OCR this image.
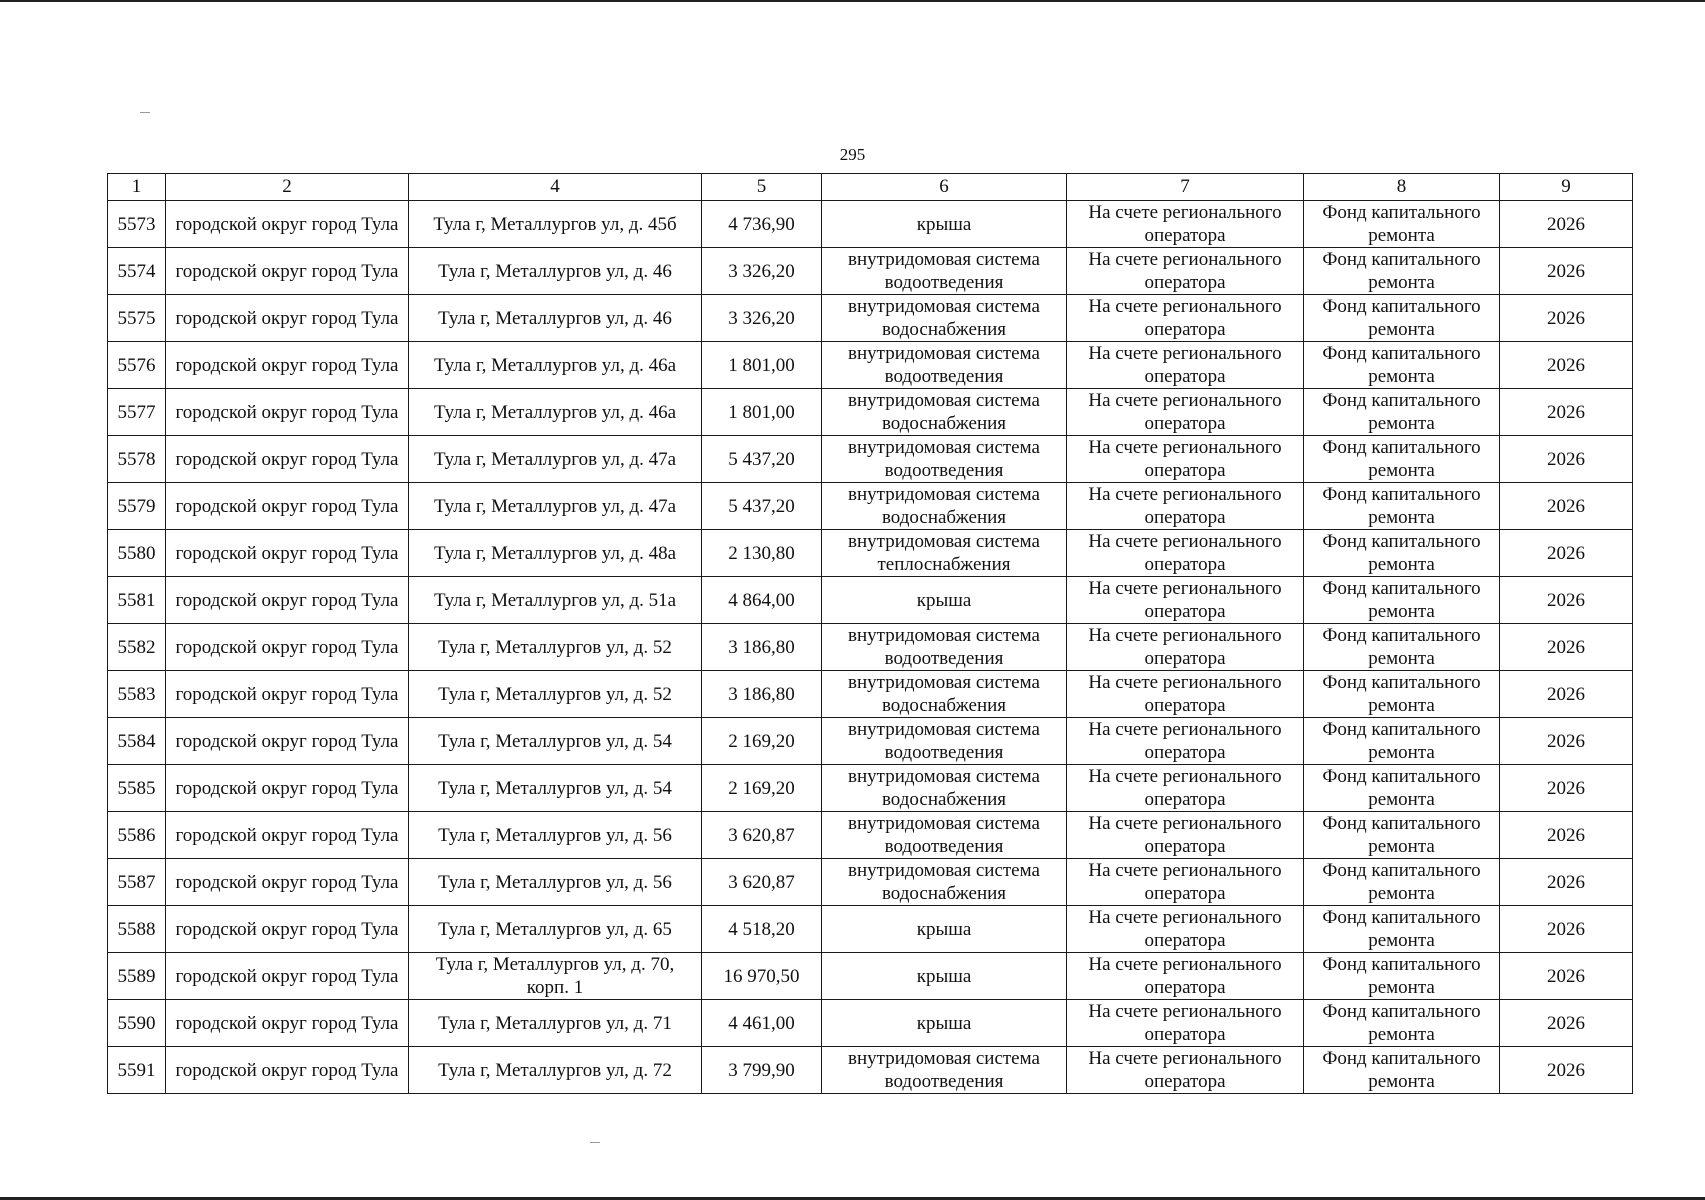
295
1	2	4	5	6	7	8	9
5573	городской округ город Тула	Тула г, Металлургов ул, д. 45б	4 736,90	крыша	На счете регионального оператора	Фонд капитального ремонта	2026
5574	городской округ город Тула	Тула г, Металлургов ул, д. 46	3 326,20	внутридомовая система водоотведения	На счете регионального оператора	Фонд капитального ремонта	2026
5575	городской округ город Тула	Тула г, Металлургов ул, д. 46	3 326,20	внутридомовая система водоснабжения	На счете регионального оператора	Фонд капитального ремонта	2026
5576	городской округ город Тула	Тула г, Металлургов ул, д. 46а	1 801,00	внутридомовая система водоотведения	На счете регионального оператора	Фонд капитального ремонта	2026
5577	городской округ город Тула	Тула г, Металлургов ул, д. 46а	1 801,00	внутридомовая система водоснабжения	На счете регионального оператора	Фонд капитального ремонта	2026
5578	городской округ город Тула	Тула г, Металлургов ул, д. 47а	5 437,20	внутридомовая система водоотведения	На счете регионального оператора	Фонд капитального ремонта	2026
5579	городской округ город Тула	Тула г, Металлургов ул, д. 47а	5 437,20	внутридомовая система водоснабжения	На счете регионального оператора	Фонд капитального ремонта	2026
5580	городской округ город Тула	Тула г, Металлургов ул, д. 48а	2 130,80	внутридомовая система теплоснабжения	На счете регионального оператора	Фонд капитального ремонта	2026
5581	городской округ город Тула	Тула г, Металлургов ул, д. 51а	4 864,00	крыша	На счете регионального оператора	Фонд капитального ремонта	2026
5582	городской округ город Тула	Тула г, Металлургов ул, д. 52	3 186,80	внутридомовая система водоотведения	На счете регионального оператора	Фонд капитального ремонта	2026
5583	городской округ город Тула	Тула г, Металлургов ул, д. 52	3 186,80	внутридомовая система водоснабжения	На счете регионального оператора	Фонд капитального ремонта	2026
5584	городской округ город Тула	Тула г, Металлургов ул, д. 54	2 169,20	внутридомовая система водоотведения	На счете регионального оператора	Фонд капитального ремонта	2026
5585	городской округ город Тула	Тула г, Металлургов ул, д. 54	2 169,20	внутридомовая система водоснабжения	На счете регионального оператора	Фонд капитального ремонта	2026
5586	городской округ город Тула	Тула г, Металлургов ул, д. 56	3 620,87	внутридомовая система водоотведения	На счете регионального оператора	Фонд капитального ремонта	2026
5587	городской округ город Тула	Тула г, Металлургов ул, д. 56	3 620,87	внутридомовая система водоснабжения	На счете регионального оператора	Фонд капитального ремонта	2026
5588	городской округ город Тула	Тула г, Металлургов ул, д. 65	4 518,20	крыша	На счете регионального оператора	Фонд капитального ремонта	2026
5589	городской округ город Тула	Тула г, Металлургов ул, д. 70, корп. 1	16 970,50	крыша	На счете регионального оператора	Фонд капитального ремонта	2026
5590	городской округ город Тула	Тула г, Металлургов ул, д. 71	4 461,00	крыша	На счете регионального оператора	Фонд капитального ремонта	2026
5591	городской округ город Тула	Тула г, Металлургов ул, д. 72	3 799,90	внутридомовая система водоотведения	На счете регионального оператора	Фонд капитального ремонта	2026
